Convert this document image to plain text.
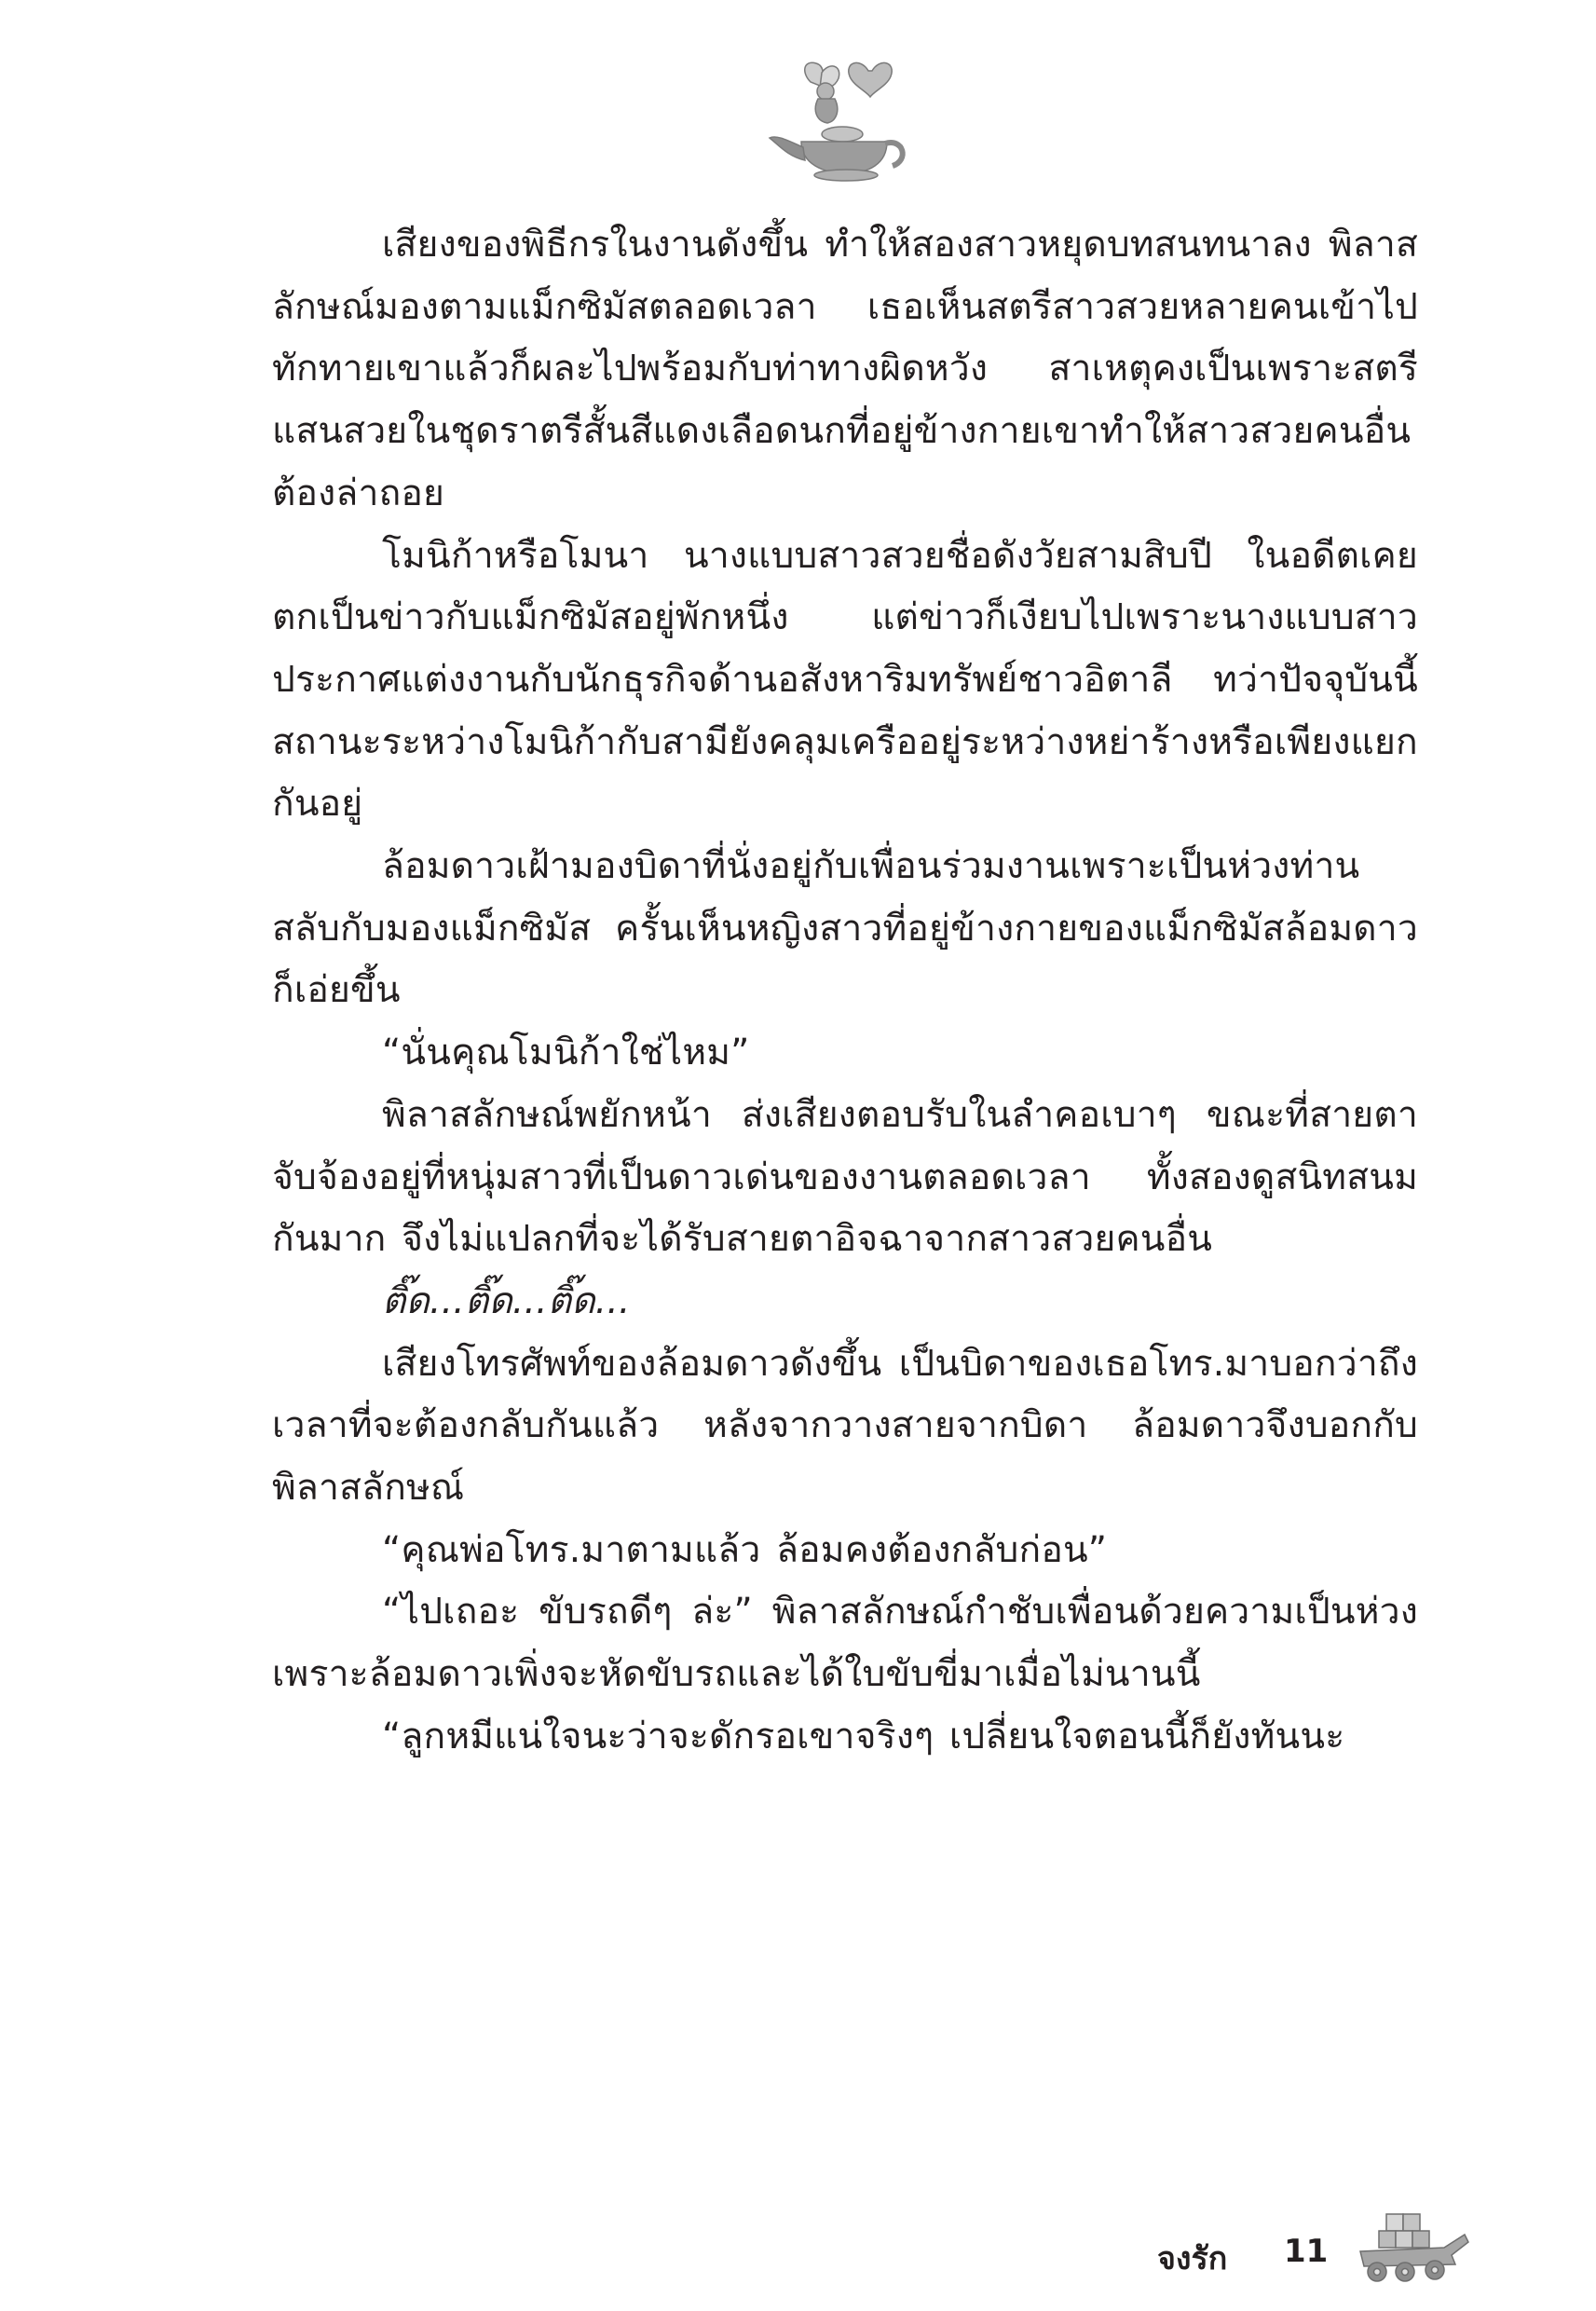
เสียงของพิธีกรในงานดังขึ้น ทำให้สองสาวหยุดบทสนทนาลง พิลาสลักษณ์มองตามแม็กซิมัสตลอดเวลา เธอเห็นสตรีสาวสวยหลายคนเข้าไปทักทายเขาแล้วก็ผละไปพร้อมกับท่าทางผิดหวัง สาเหตุคงเป็นเพราะสตรีแสนสวยในชุดราตรีสั้นสีแดงเลือดนกที่อยู่ข้างกายเขาทำให้สาวสวยคนอื่นต้องล่าถอย

โมนิก้าหรือโมนา นางแบบสาวสวยชื่อดังวัยสามสิบปี ในอดีตเคยตกเป็นข่าวกับแม็กซิมัสอยู่พักหนึ่ง แต่ข่าวก็เงียบไปเพราะนางแบบสาวประกาศแต่งงานกับนักธุรกิจด้านอสังหาริมทรัพย์ชาวอิตาลี ทว่าปัจจุบันนี้สถานะระหว่างโมนิก้ากับสามียังคลุมเครืออยู่ระหว่างหย่าร้างหรือเพียงแยกกันอยู่

ล้อมดาวเฝ้ามองบิดาที่นั่งอยู่กับเพื่อนร่วมงานเพราะเป็นห่วงท่านสลับกับมองแม็กซิมัส ครั้นเห็นหญิงสาวที่อยู่ข้างกายของแม็กซิมัสล้อมดาวก็เอ่ยขึ้น

“นั่นคุณโมนิก้าใช่ไหม”

พิลาสลักษณ์พยักหน้า ส่งเสียงตอบรับในลำคอเบาๆ ขณะที่สายตาจับจ้องอยู่ที่หนุ่มสาวที่เป็นดาวเด่นของงานตลอดเวลา ทั้งสองดูสนิทสนมกันมาก จึงไม่แปลกที่จะได้รับสายตาอิจฉาจากสาวสวยคนอื่น

ติ๊ด...ติ๊ด...ติ๊ด...

เสียงโทรศัพท์ของล้อมดาวดังขึ้น เป็นบิดาของเธอโทร.มาบอกว่าถึงเวลาที่จะต้องกลับกันแล้ว หลังจากวางสายจากบิดา ล้อมดาวจึงบอกกับพิลาสลักษณ์

“คุณพ่อโทร.มาตามแล้ว ล้อมคงต้องกลับก่อน”

“ไปเถอะ ขับรถดีๆ ล่ะ” พิลาสลักษณ์กำชับเพื่อนด้วยความเป็นห่วง เพราะล้อมดาวเพิ่งจะหัดขับรถและได้ใบขับขี่มาเมื่อไม่นานนี้

“ลูกหมีแน่ใจนะว่าจะดักรอเขาจริงๆ เปลี่ยนใจตอนนี้ก็ยังทันนะ

จงรัก 11
